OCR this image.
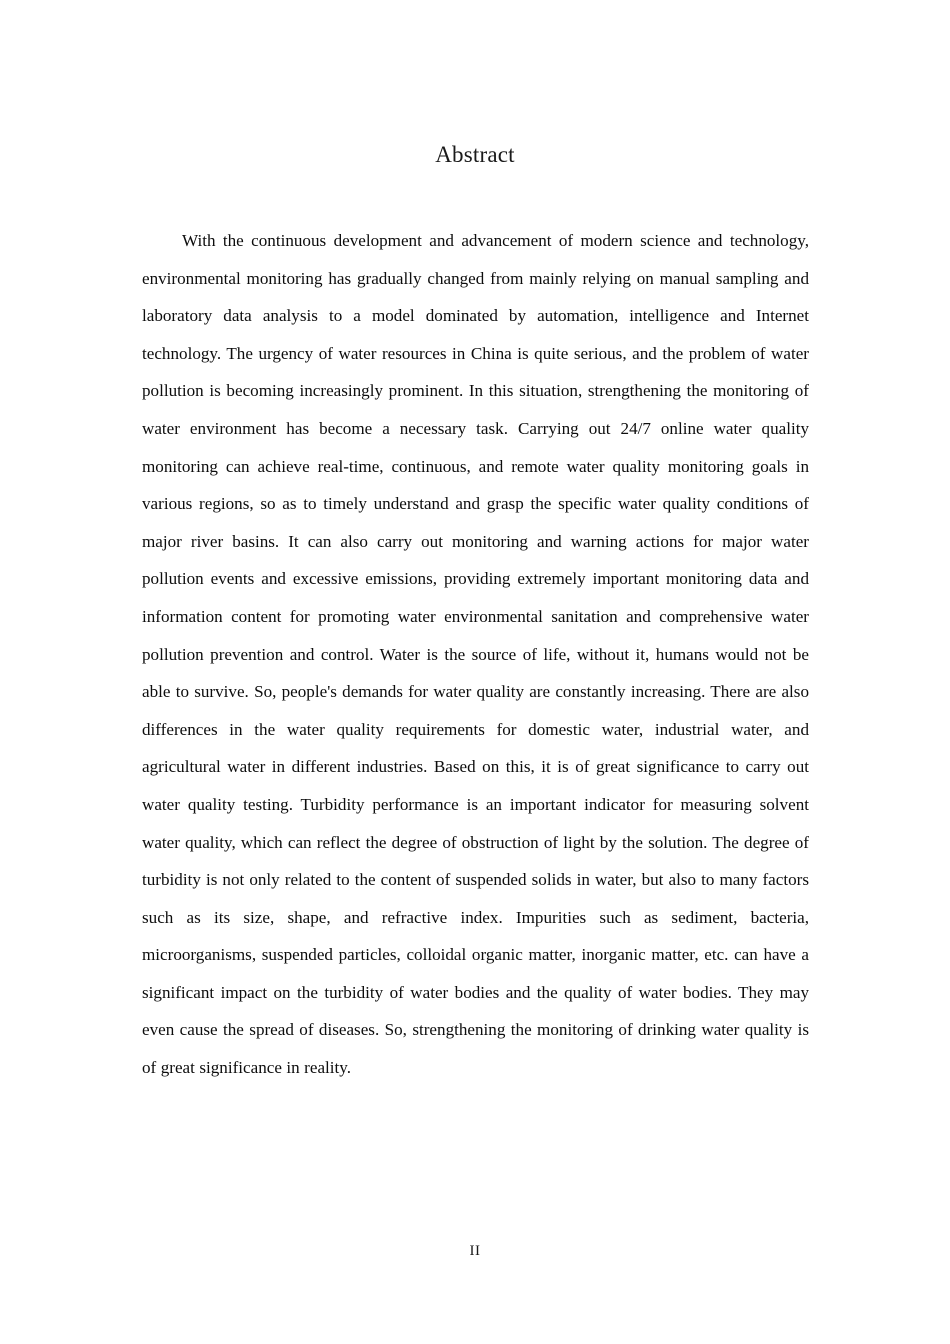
Abstract

With the continuous development and advancement of modern science and technology, environmental monitoring has gradually changed from mainly relying on manual sampling and laboratory data analysis to a model dominated by automation, intelligence and Internet technology. The urgency of water resources in China is quite serious, and the problem of water pollution is becoming increasingly prominent. In this situation, strengthening the monitoring of water environment has become a necessary task. Carrying out 24/7 online water quality monitoring can achieve real-time, continuous, and remote water quality monitoring goals in various regions, so as to timely understand and grasp the specific water quality conditions of major river basins. It can also carry out monitoring and warning actions for major water pollution events and excessive emissions, providing extremely important monitoring data and information content for promoting water environmental sanitation and comprehensive water pollution prevention and control. Water is the source of life, without it, humans would not be able to survive. So, people's demands for water quality are constantly increasing. There are also differences in the water quality requirements for domestic water, industrial water, and agricultural water in different industries. Based on this, it is of great significance to carry out water quality testing. Turbidity performance is an important indicator for measuring solvent water quality, which can reflect the degree of obstruction of light by the solution. The degree of turbidity is not only related to the content of suspended solids in water, but also to many factors such as its size, shape, and refractive index. Impurities such as sediment, bacteria, microorganisms, suspended particles, colloidal organic matter, inorganic matter, etc. can have a significant impact on the turbidity of water bodies and the quality of water bodies. They may even cause the spread of diseases. So, strengthening the monitoring of drinking water quality is of great significance in reality.

II
